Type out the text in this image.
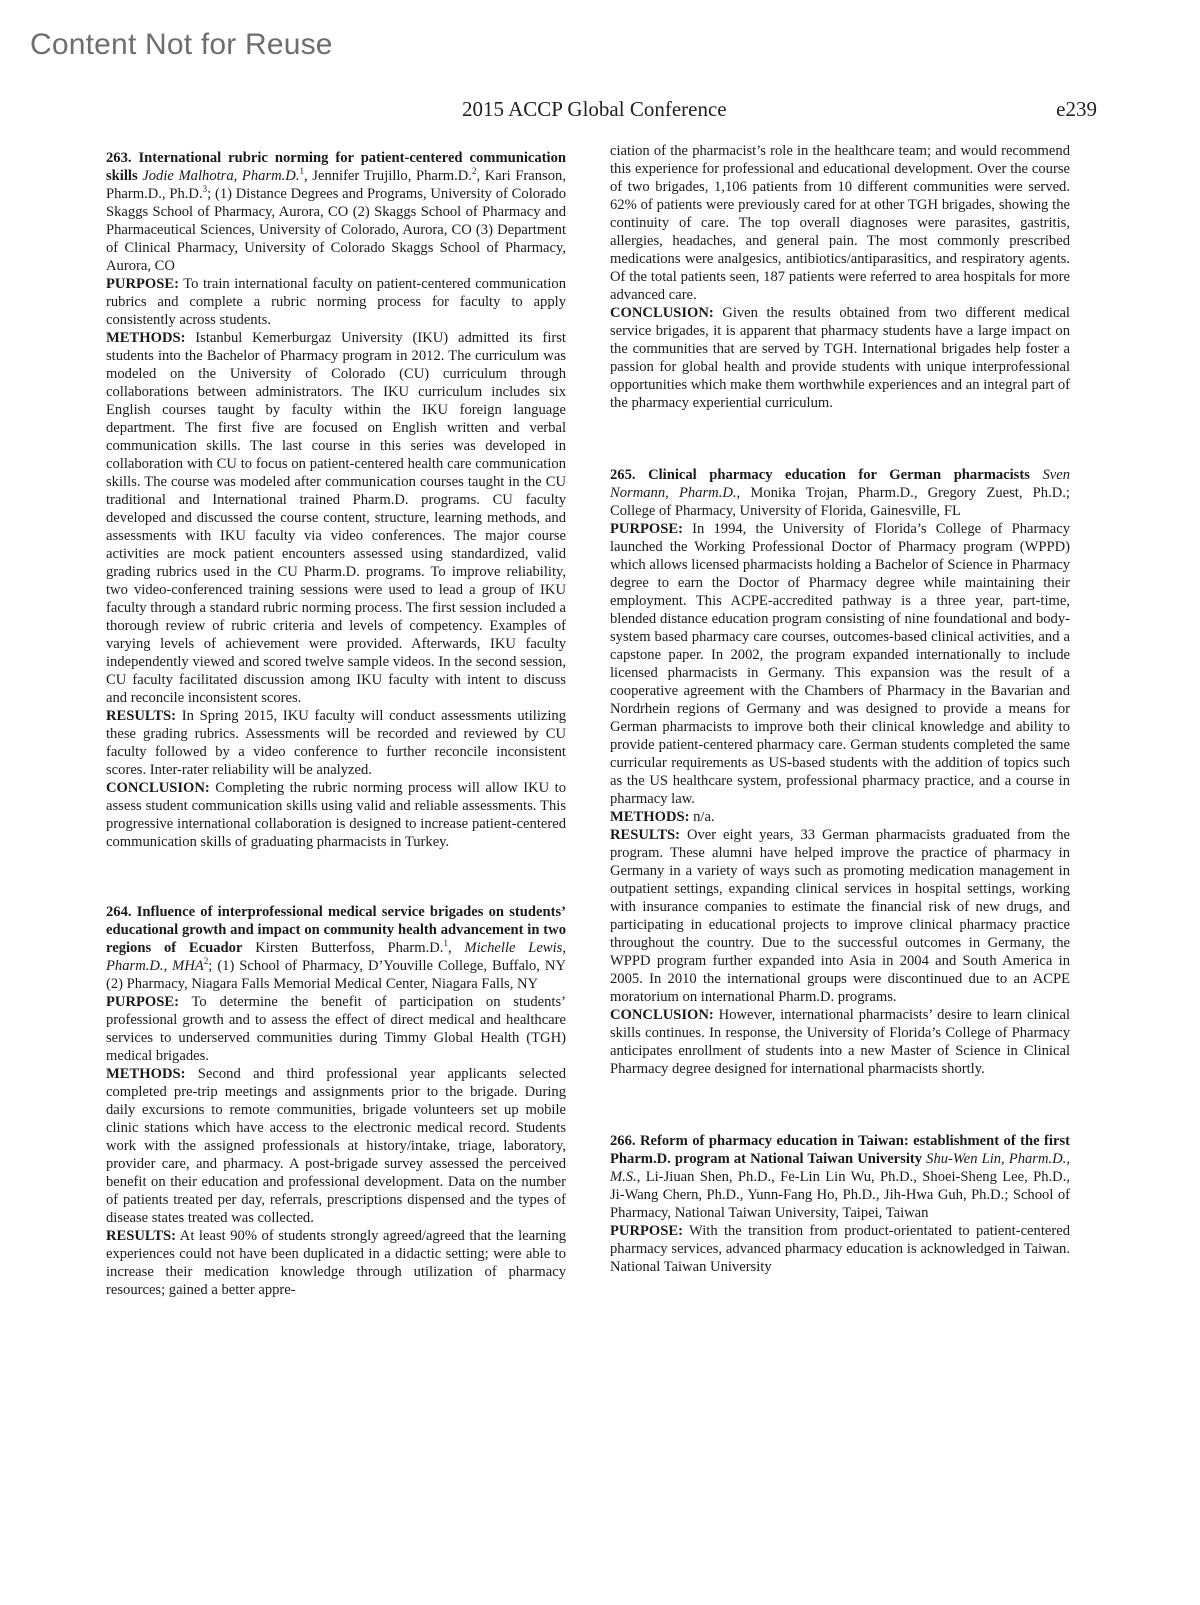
Content Not for Reuse
2015 ACCP Global Conference	e239

263. International rubric norming for patient-centered communication skills Jodie Malhotra, Pharm.D.$^1$, Jennifer Trujillo, Pharm.D.$^2$, Kari Franson, Pharm.D., Ph.D.$^3$; (1) Distance Degrees and Programs, University of Colorado Skaggs School of Pharmacy, Aurora, CO (2) Skaggs School of Pharmacy and Pharmaceutical Sciences, University of Colorado, Aurora, CO (3) Department of Clinical Pharmacy, University of Colorado Skaggs School of Pharmacy, Aurora, CO

PURPOSE: To train international faculty on patient-centered communication rubrics and complete a rubric norming process for faculty to apply consistently across students.

METHODS: Istanbul Kemerburgaz University (IKU) admitted its first students into the Bachelor of Pharmacy program in 2012. The curriculum was modeled on the University of Colorado (CU) curriculum through collaborations between administrators. The IKU curriculum includes six English courses taught by faculty within the IKU foreign language department. The first five are focused on English written and verbal communication skills. The last course in this series was developed in collaboration with CU to focus on patient-centered health care communication skills. The course was modeled after communication courses taught in the CU traditional and International trained Pharm.D. programs. CU faculty developed and discussed the course content, structure, learning methods, and assessments with IKU faculty via video conferences. The major course activities are mock patient encounters assessed using standardized, valid grading rubrics used in the CU Pharm.D. programs. To improve reliability, two video-conferenced training sessions were used to lead a group of IKU faculty through a standard rubric norming process. The first session included a thorough review of rubric criteria and levels of competency. Examples of varying levels of achievement were provided. Afterwards, IKU faculty independently viewed and scored twelve sample videos. In the second session, CU faculty facilitated discussion among IKU faculty with intent to discuss and reconcile inconsistent scores.

RESULTS: In Spring 2015, IKU faculty will conduct assessments utilizing these grading rubrics. Assessments will be recorded and reviewed by CU faculty followed by a video conference to further reconcile inconsistent scores. Inter-rater reliability will be analyzed.

CONCLUSION: Completing the rubric norming process will allow IKU to assess student communication skills using valid and reliable assessments. This progressive international collaboration is designed to increase patient-centered communication skills of graduating pharmacists in Turkey.

264. Influence of interprofessional medical service brigades on students’ educational growth and impact on community health advancement in two regions of Ecuador Kirsten Butterfoss, Pharm.D.$^1$, Michelle Lewis, Pharm.D., MHA$^2$; (1) School of Pharmacy, D’Youville College, Buffalo, NY (2) Pharmacy, Niagara Falls Memorial Medical Center, Niagara Falls, NY

PURPOSE: To determine the benefit of participation on students’ professional growth and to assess the effect of direct medical and healthcare services to underserved communities during Timmy Global Health (TGH) medical brigades.

METHODS: Second and third professional year applicants selected completed pre-trip meetings and assignments prior to the brigade. During daily excursions to remote communities, brigade volunteers set up mobile clinic stations which have access to the electronic medical record. Students work with the assigned professionals at history/intake, triage, laboratory, provider care, and pharmacy. A post-brigade survey assessed the perceived benefit on their education and professional development. Data on the number of patients treated per day, referrals, prescriptions dispensed and the types of disease states treated was collected.

RESULTS: At least 90% of students strongly agreed/agreed that the learning experiences could not have been duplicated in a didactic setting; were able to increase their medication knowledge through utilization of pharmacy resources; gained a better appre-

ciation of the pharmacist’s role in the healthcare team; and would recommend this experience for professional and educational development. Over the course of two brigades, 1,106 patients from 10 different communities were served. 62% of patients were previously cared for at other TGH brigades, showing the continuity of care. The top overall diagnoses were parasites, gastritis, allergies, headaches, and general pain. The most commonly prescribed medications were analgesics, antibiotics/antiparasitics, and respiratory agents. Of the total patients seen, 187 patients were referred to area hospitals for more advanced care.

CONCLUSION: Given the results obtained from two different medical service brigades, it is apparent that pharmacy students have a large impact on the communities that are served by TGH. International brigades help foster a passion for global health and provide students with unique interprofessional opportunities which make them worthwhile experiences and an integral part of the pharmacy experiential curriculum.

265. Clinical pharmacy education for German pharmacists Sven Normann, Pharm.D., Monika Trojan, Pharm.D., Gregory Zuest, Ph.D.; College of Pharmacy, University of Florida, Gainesville, FL

PURPOSE: In 1994, the University of Florida’s College of Pharmacy launched the Working Professional Doctor of Pharmacy program (WPPD) which allows licensed pharmacists holding a Bachelor of Science in Pharmacy degree to earn the Doctor of Pharmacy degree while maintaining their employment. This ACPE-accredited pathway is a three year, part-time, blended distance education program consisting of nine foundational and body-system based pharmacy care courses, outcomes-based clinical activities, and a capstone paper. In 2002, the program expanded internationally to include licensed pharmacists in Germany. This expansion was the result of a cooperative agreement with the Chambers of Pharmacy in the Bavarian and Nordrhein regions of Germany and was designed to provide a means for German pharmacists to improve both their clinical knowledge and ability to provide patient-centered pharmacy care. German students completed the same curricular requirements as US-based students with the addition of topics such as the US healthcare system, professional pharmacy practice, and a course in pharmacy law.

METHODS: n/a.

RESULTS: Over eight years, 33 German pharmacists graduated from the program. These alumni have helped improve the practice of pharmacy in Germany in a variety of ways such as promoting medication management in outpatient settings, expanding clinical services in hospital settings, working with insurance companies to estimate the financial risk of new drugs, and participating in educational projects to improve clinical pharmacy practice throughout the country. Due to the successful outcomes in Germany, the WPPD program further expanded into Asia in 2004 and South America in 2005. In 2010 the international groups were discontinued due to an ACPE moratorium on international Pharm.D. programs.

CONCLUSION: However, international pharmacists’ desire to learn clinical skills continues. In response, the University of Florida’s College of Pharmacy anticipates enrollment of students into a new Master of Science in Clinical Pharmacy degree designed for international pharmacists shortly.

266. Reform of pharmacy education in Taiwan: establishment of the first Pharm.D. program at National Taiwan University Shu-Wen Lin, Pharm.D., M.S., Li-Jiuan Shen, Ph.D., Fe-Lin Lin Wu, Ph.D., Shoei-Sheng Lee, Ph.D., Ji-Wang Chern, Ph.D., Yunn-Fang Ho, Ph.D., Jih-Hwa Guh, Ph.D.; School of Pharmacy, National Taiwan University, Taipei, Taiwan

PURPOSE: With the transition from product-orientated to patient-centered pharmacy services, advanced pharmacy education is acknowledged in Taiwan. National Taiwan University
